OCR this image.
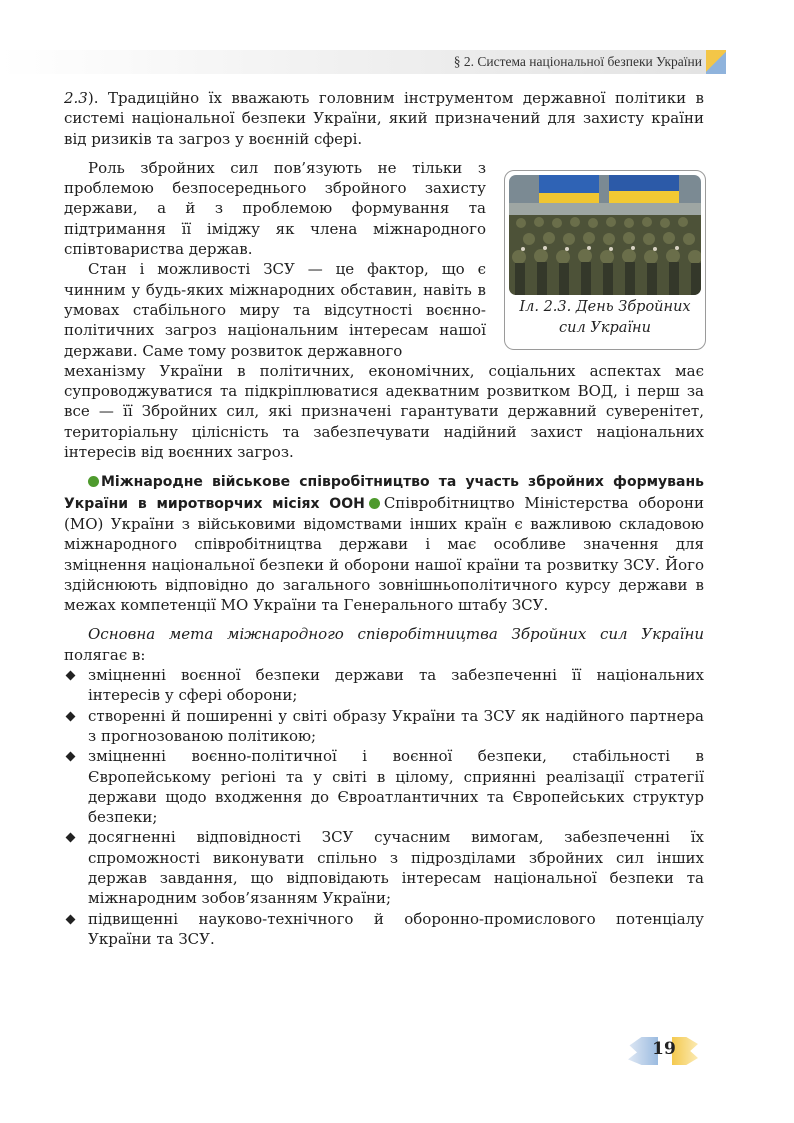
§ 2. Система національної безпеки України

2.3). Традиційно їх вважають головним інструментом державної політики в системі національної безпеки України, який призначений для захисту країни від ризиків та загроз у воєнній сфері.

Роль збройних сил пов’язують не тільки з проблемою безпосереднього збройного захисту держави, а й з проблемою формування та підтримання її іміджу як члена міжнародного співтовариства держав.

Стан і можливості ЗСУ — це фактор, що є чинним у будь-яких міжнародних обставин, навіть в умовах стабільного миру та відсутності воєнно-політичних загроз національним інтересам нашої держави. Саме тому розвиток державного

механізму України в політичних, економічних, соціальних аспектах має супроводжуватися та підкріплюватися адекватним розвитком ВОД, і перш за все — її Збройних сил, які призначені гарантувати державний суверенітет, територіальну цілісність та забезпечувати надійний захист національних інтересів від воєнних загроз.

Міжнародне військове співробітництво та участь збройних формувань України в миротворчих місіях ООН Співробітництво Міністерства оборони (МО) України з військовими відомствами інших країн є важливою складовою міжнародного співробітництва держави і має особливе значення для зміцнення національної безпеки й оборони нашої країни та розвитку ЗСУ. Його здійснюють відповідно до загального зовнішньополітичного курсу держави в межах компетенції МО України та Генерального штабу ЗСУ.

Основна мета міжнародного співробітництва Збройних сил України полягає в:

зміцненні воєнної безпеки держави та забезпеченні її національних інтересів у сфері оборони;
створенні й поширенні у світі образу України та ЗСУ як надійного партнера з прогнозованою політикою;
зміцненні воєнно-політичної і воєнної безпеки, стабільності в Європейському регіоні та у світі в цілому, сприянні реалізації стратегії держави щодо входження до Євроатлантичних та Європейських структур безпеки;
досягненні відповідності ЗСУ сучасним вимогам, забезпеченні їх спроможності виконувати спільно з підрозділами збройних сил інших держав завдання, що відповідають інтересам національної безпеки та міжнародним зобов’язанням України;
підвищенні науково-технічного й оборонно-промислового потенціалу України та ЗСУ.
Іл. 2.3. День Збройних
сил України
19
